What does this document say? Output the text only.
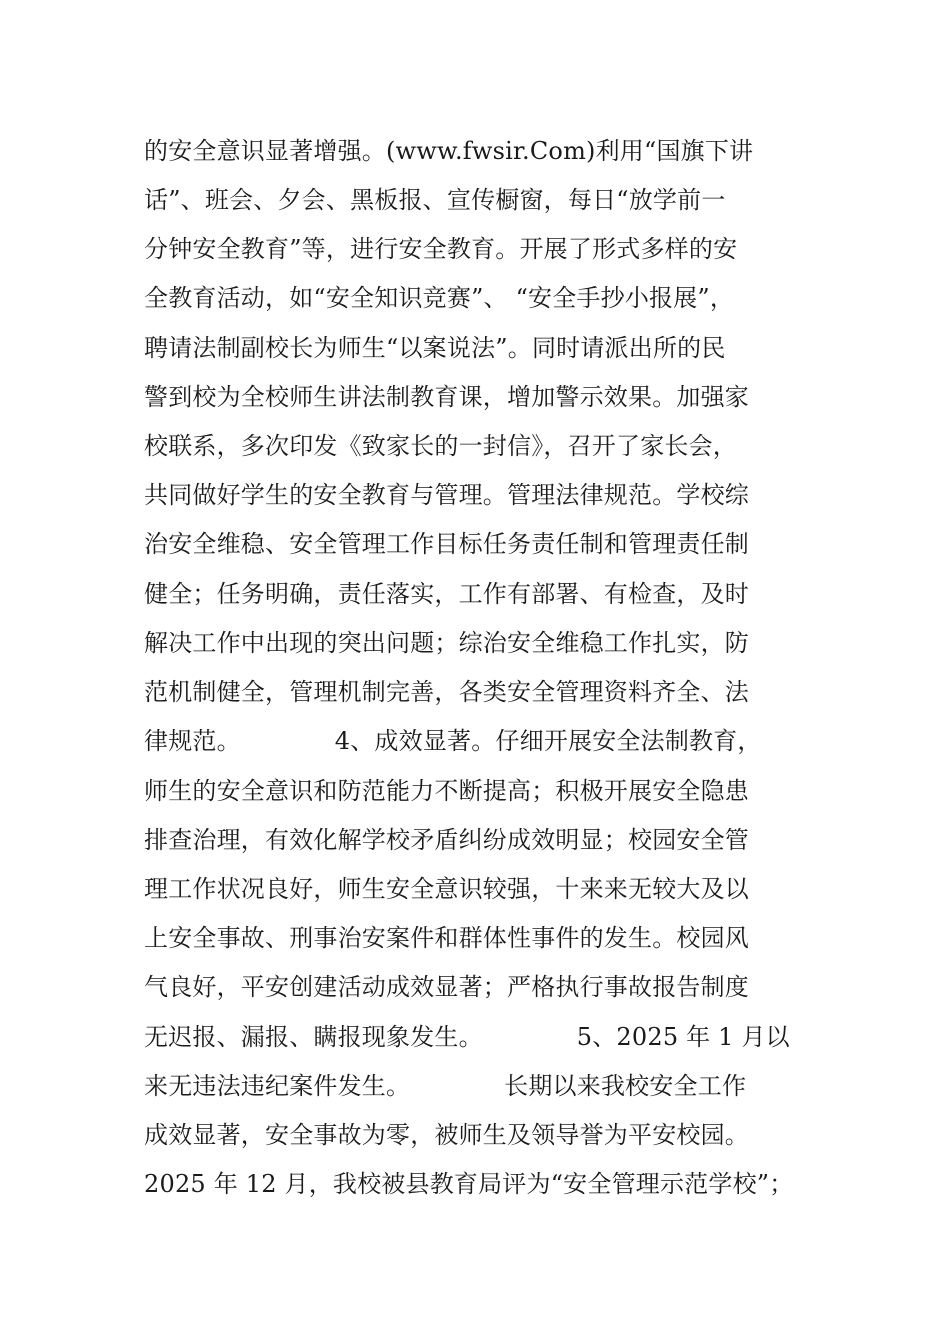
的安全意识显著增强。(www.fwsir.Com)利用“国旗下讲
话”、班会、夕会、黑板报、宣传橱窗，每日“放学前一
分钟安全教育”等，进行安全教育。开展了形式多样的安
全教育活动，如“安全知识竞赛”、 “安全手抄小报展”，
聘请法制副校长为师生“以案说法”。同时请派出所的民
警到校为全校师生讲法制教育课，增加警示效果。加强家
校联系，多次印发《致家长的一封信》，召开了家长会，
共同做好学生的安全教育与管理。管理法律规范。学校综
治安全维稳、安全管理工作目标任务责任制和管理责任制
健全；任务明确，责任落实，工作有部署、有检查，及时
解决工作中出现的突出问题；综治安全维稳工作扎实，防
范机制健全，管理机制完善，各类安全管理资料齐全、法
律规范。            4、成效显著。仔细开展安全法制教育，
师生的安全意识和防范能力不断提高；积极开展安全隐患
排查治理，有效化解学校矛盾纠纷成效明显；校园安全管
理工作状况良好，师生安全意识较强，十来来无较大及以
上安全事故、刑事治安案件和群体性事件的发生。校园风
气良好，平安创建活动成效显著；严格执行事故报告制度
无迟报、漏报、瞒报现象发生。            5、2025 年 1 月以
来无违法违纪案件发生。            长期以来我校安全工作
成效显著，安全事故为零，被师生及领导誉为平安校园。
2025 年 12 月，我校被县教育局评为“安全管理示范学校”；
